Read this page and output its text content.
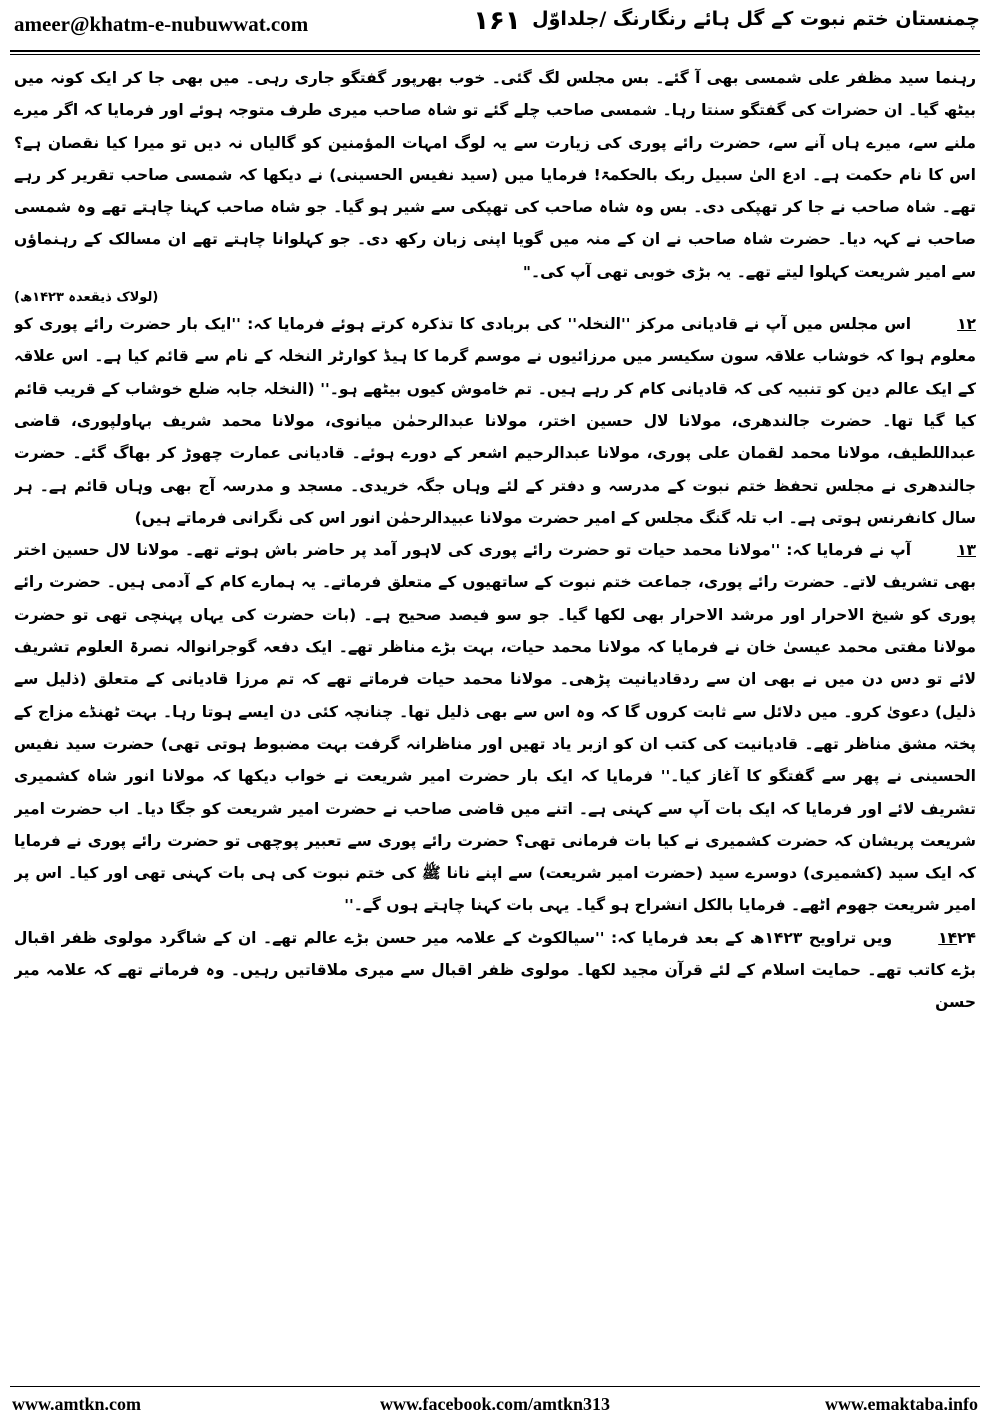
ameer@khatm-e-nubuwwat.com	۱۶۱ چمنستان ختم نبوت کے گل ہائے رنگارنگ /جلداوّل

رہنما سید مظفر علی شمسی بھی آ گئے۔ بس مجلس لگ گئی۔ خوب بھرپور گفتگو جاری رہی۔ میں بھی جا کر ایک کونہ میں بیٹھ گیا۔ ان حضرات کی گفتگو سنتا رہا۔ شمسی صاحب چلے گئے تو شاہ صاحب میری طرف متوجہ ہوئے اور فرمایا کہ اگر میرے ملنے سے، میرے ہاں آنے سے، حضرت رائے پوری کی زیارت سے یہ لوگ امہات المؤمنین کو گالیاں نہ دیں تو میرا کیا نقصان ہے؟ اس کا نام حکمت ہے۔ ادع الیٰ سبیل ربک بالحکمۃ! فرمایا میں (سید نفیس الحسینی) نے دیکھا کہ شمسی صاحب تقریر کر رہے تھے۔ شاہ صاحب نے جا کر تھپکی دی۔ بس وہ شاہ صاحب کی تھپکی سے شیر ہو گیا۔ جو شاہ صاحب کہنا چاہتے تھے وہ شمسی صاحب نے کہہ دیا۔ حضرت شاہ صاحب نے ان کے منہ میں گویا اپنی زبان رکھ دی۔ جو کہلوانا چاہتے تھے ان مسالک کے رہنماؤں سے امیر شریعت کہلوا لیتے تھے۔ یہ بڑی خوبی تھی آپ کی۔"
(لولاک ذیقعدہ ۱۴۲۳ھ)

۱۲اس مجلس میں آپ نے قادیانی مرکز ''النخلہ'' کی بربادی کا تذکرہ کرتے ہوئے فرمایا کہ: ''ایک بار حضرت رائے پوری کو معلوم ہوا کہ خوشاب علاقہ سون سکیسر میں مرزائیوں نے موسم گرما کا ہیڈ کوارٹر النخلہ کے نام سے قائم کیا ہے۔ اس علاقہ کے ایک عالم دین کو تنبیہ کی کہ قادیانی کام کر رہے ہیں۔ تم خاموش کیوں بیٹھے ہو۔'' (النخلہ جابہ ضلع خوشاب کے قریب قائم کیا گیا تھا۔ حضرت جالندھری، مولانا لال حسین اختر، مولانا عبدالرحمٰن میانوی، مولانا محمد شریف بہاولپوری، قاضی عبداللطیف، مولانا محمد لقمان علی پوری، مولانا عبدالرحیم اشعر کے دورے ہوئے۔ قادیانی عمارت چھوڑ کر بھاگ گئے۔ حضرت جالندھری نے مجلس تحفظ ختم نبوت کے مدرسہ و دفتر کے لئے وہاں جگہ خریدی۔ مسجد و مدرسہ آج بھی وہاں قائم ہے۔ ہر سال کانفرنس ہوتی ہے۔ اب تلہ گنگ مجلس کے امیر حضرت مولانا عبیدالرحمٰن انور اس کی نگرانی فرماتے ہیں)

۱۳آپ نے فرمایا کہ: ''مولانا محمد حیات تو حضرت رائے پوری کی لاہور آمد پر حاضر باش ہوتے تھے۔ مولانا لال حسین اختر بھی تشریف لاتے۔ حضرت رائے پوری، جماعت ختم نبوت کے ساتھیوں کے متعلق فرماتے۔ یہ ہمارے کام کے آدمی ہیں۔ حضرت رائے پوری کو شیخ الاحرار اور مرشد الاحرار بھی لکھا گیا۔ جو سو فیصد صحیح ہے۔ (بات حضرت کی یہاں پہنچی تھی تو حضرت مولانا مفتی محمد عیسیٰ خان نے فرمایا کہ مولانا محمد حیات، بہت بڑے مناظر تھے۔ ایک دفعہ گوجرانوالہ نصرۃ العلوم تشریف لائے تو دس دن میں نے بھی ان سے ردقادیانیت پڑھی۔ مولانا محمد حیات فرماتے تھے کہ تم مرزا قادیانی کے متعلق (ذلیل سے ذلیل) دعویٰ کرو۔ میں دلائل سے ثابت کروں گا کہ وہ اس سے بھی ذلیل تھا۔ چنانچہ کئی دن ایسے ہوتا رہا۔ بہت ٹھنڈے مزاج کے پختہ مشق مناظر تھے۔ قادیانیت کی کتب ان کو ازبر یاد تھیں اور مناظرانہ گرفت بہت مضبوط ہوتی تھی) حضرت سید نفیس الحسینی نے پھر سے گفتگو کا آغاز کیا۔'' فرمایا کہ ایک بار حضرت امیر شریعت نے خواب دیکھا کہ مولانا انور شاہ کشمیری تشریف لائے اور فرمایا کہ ایک بات آپ سے کہنی ہے۔ اتنے میں قاضی صاحب نے حضرت امیر شریعت کو جگا دیا۔ اب حضرت امیر شریعت پریشان کہ حضرت کشمیری نے کیا بات فرمانی تھی؟ حضرت رائے پوری سے تعبیر پوچھی تو حضرت رائے پوری نے فرمایا کہ ایک سید (کشمیری) دوسرے سید (حضرت امیر شریعت) سے اپنے نانا ﷺ کی ختم نبوت کی ہی بات کہنی تھی اور کیا۔ اس پر امیر شریعت جھوم اٹھے۔ فرمایا بالکل انشراح ہو گیا۔ یہی بات کہنا چاہتے ہوں گے۔''

۱۴۲۴ویں تراویح ۱۴۲۳ھ کے بعد فرمایا کہ: ''سیالکوٹ کے علامہ میر حسن بڑے عالم تھے۔ ان کے شاگرد مولوی ظفر اقبال بڑے کاتب تھے۔ حمایت اسلام کے لئے قرآن مجید لکھا۔ مولوی ظفر اقبال سے میری ملاقاتیں رہیں۔ وہ فرماتے تھے کہ علامہ میر حسن

www.amtkn.com	www.facebook.com/amtkn313	www.emaktaba.info
